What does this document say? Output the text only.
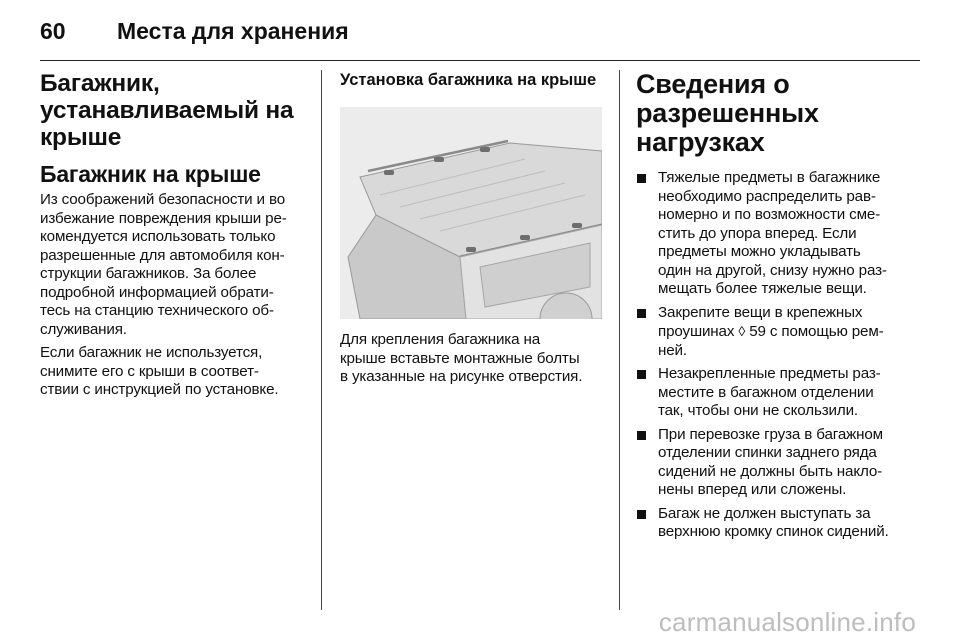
60 Места для хранения
Багажник, устанавливаемый на крыше
Багажник на крыше

Из соображений безопасности и во
избежание повреждения крыши ре-
комендуется использовать только
разрешенные для автомобиля кон-
струкции багажников. За более
подробной информацией обрати-
тесь на станцию технического об-
служивания.

Если багажник не используется,
снимите его с крыши в соответ-
ствии с инструкцией по установке.

Установка багажника на крыше

Для крепления багажника на
крыше вставьте монтажные болты
в указанные на рисунке отверстия.

Сведения о разрешенных нагрузках

Тяжелые предметы в багажнике
необходимо распределить рав-
номерно и по возможности сме-
стить до упора вперед. Если
предметы можно укладывать
один на другой, снизу нужно раз-
мещать более тяжелые вещи.

Закрепите вещи в крепежных
проушинах ◊ 59 с помощью рем-
ней.

Незакрепленные предметы раз-
местите в багажном отделении
так, чтобы они не скользили.

При перевозке груза в багажном
отделении спинки заднего ряда
сидений не должны быть накло-
нены вперед или сложены.

Багаж не должен выступать за
верхнюю кромку спинок сидений.

carmanualsonline.info
